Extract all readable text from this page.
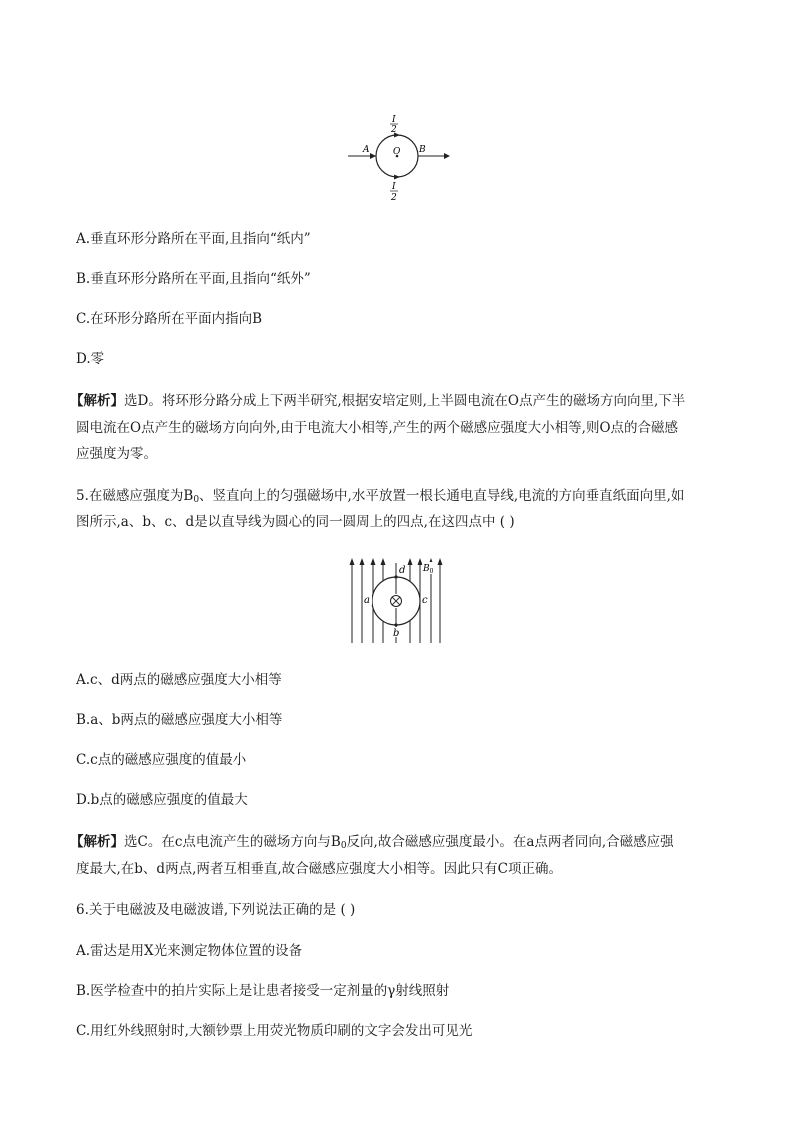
I
2
A	O B
I
2
A.垂直环形分路所在平面,且指向“纸内”
B.垂直环形分路所在平面,且指向“纸外”
C.在环形分路所在平面内指向B
D.零
【解析】选D。将环形分路分成上下两半研究,根据安培定则,上半圆电流在O点产生的磁场方向向里,下半
圆电流在O点产生的磁场方向向外,由于电流大小相等,产生的两个磁感应强度大小相等,则O点的合磁感
应强度为零。
5.在磁感应强度为$B_0$、竖直向上的匀强磁场中,水平放置一根长通电直导线,电流的方向垂直纸面向里,如
图所示,a、b、c、d是以直导线为圆心的同一圆周上的四点,在这四点中 ( )
a	c
d
b
$B_0$
A.c、d两点的磁感应强度大小相等
B.a、b两点的磁感应强度大小相等
C.c点的磁感应强度的值最小
D.b点的磁感应强度的值最大
【解析】选C。在c点电流产生的磁场方向与$B_0$反向,故合磁感应强度最小。在a点两者同向,合磁感应强
度最大,在b、d两点,两者互相垂直,故合磁感应强度大小相等。因此只有C项正确。
6.关于电磁波及电磁波谱,下列说法正确的是 ( )
A.雷达是用X光来测定物体位置的设备
B.医学检查中的拍片实际上是让患者接受一定剂量的γ射线照射
C.用红外线照射时,大额钞票上用荧光物质印刷的文字会发出可见光
